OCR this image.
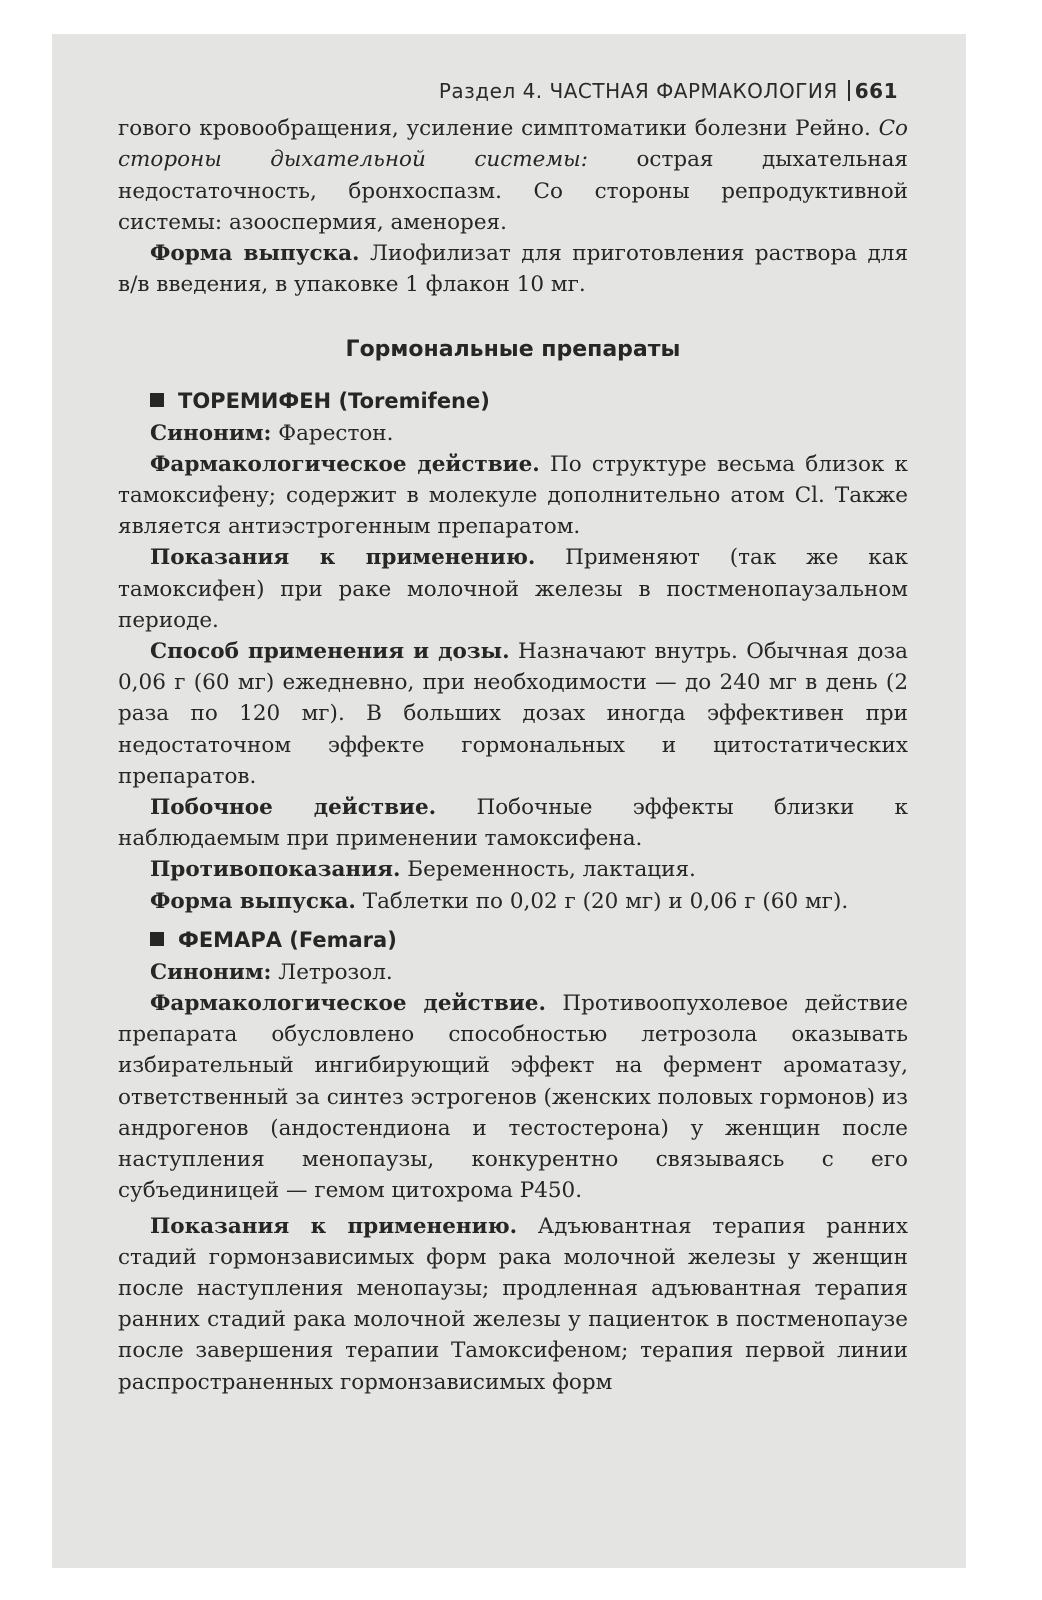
Раздел 4. ЧАСТНАЯ ФАРМАКОЛОГИЯ 661

гового кровообращения, усиление симптоматики болезни Рейно. Со стороны дыхательной системы: острая дыхательная недостаточность, бронхоспазм. Со стороны репродуктивной системы: азооспермия, аменорея.

Форма выпуска. Лиофилизат для приготовления раствора для в/в введения, в упаковке 1 флакон 10 мг.

Гормональные препараты
ТОРЕМИФЕН (Toremifene)

Синоним: Фарестон.

Фармакологическое действие. По структуре весьма близок к тамоксифену; содержит в молекуле дополнительно атом Cl. Также является антиэстрогенным препаратом.

Показания к применению. Применяют (так же как тамоксифен) при раке молочной железы в постменопаузальном периоде.

Способ применения и дозы. Назначают внутрь. Обычная доза 0,06 г (60 мг) ежедневно, при необходимости — до 240 мг в день (2 раза по 120 мг). В больших дозах иногда эффективен при недостаточном эффекте гормональных и цитостатических препаратов.

Побочное действие. Побочные эффекты близки к наблюдаемым при применении тамоксифена.

Противопоказания. Беременность, лактация.

Форма выпуска. Таблетки по 0,02 г (20 мг) и 0,06 г (60 мг).

ФЕМАРА (Femara)

Синоним: Летрозол.

Фармакологическое действие. Противоопухолевое действие препарата обусловлено способностью летрозола оказывать избирательный ингибирующий эффект на фермент ароматазу, ответственный за синтез эстрогенов (женских половых гормонов) из андрогенов (андостендиона и тестостерона) у женщин после наступления менопаузы, конкурентно связываясь с его субъединицей — гемом цитохрома P450.

Показания к применению. Адъювантная терапия ранних стадий гормонзависимых форм рака молочной железы у женщин после наступления менопаузы; продленная адъювантная терапия ранних стадий рака молочной железы у пациенток в постменопаузе после завершения терапии Тамоксифеном; терапия первой линии распространенных гормонзависимых форм
